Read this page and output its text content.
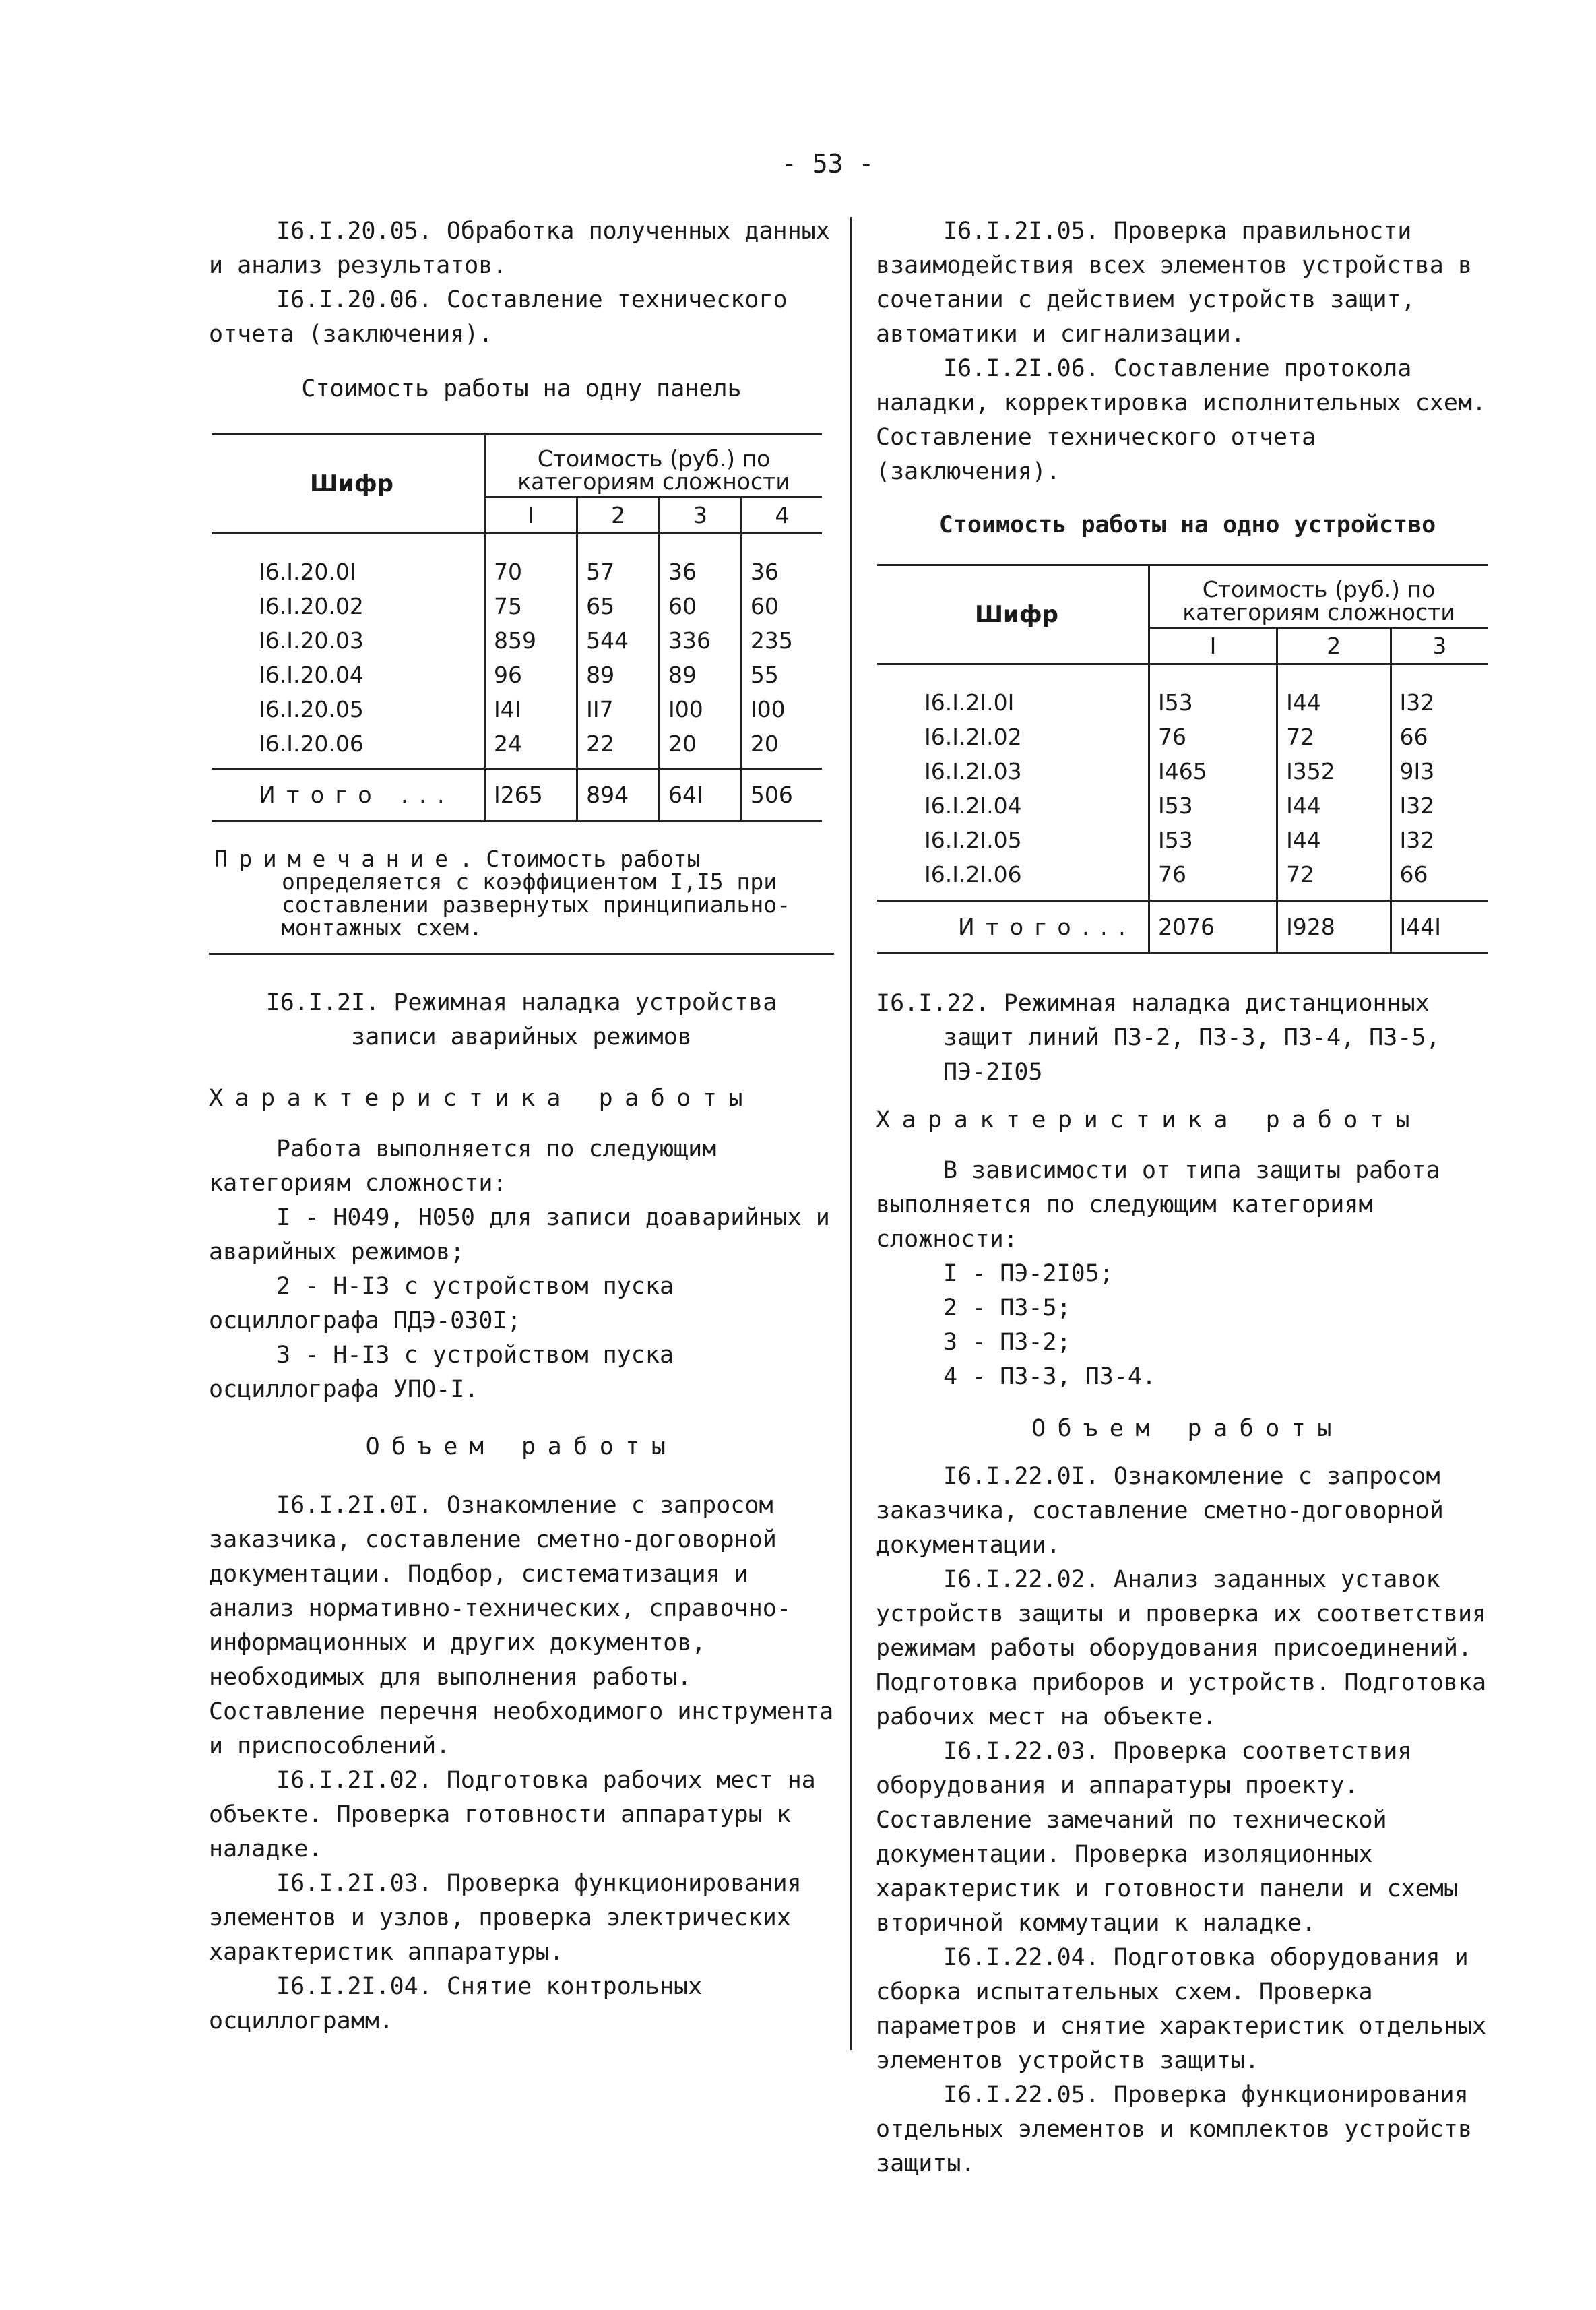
- 53 -

I6.I.20.05. Обработка полученных данных и анализ результатов.

I6.I.20.06. Составление технического отчета (заключения).

Стоимость работы на одну панель

Шифр	Стоимость (руб.) по категориям сложности			
	I	2	3	4

I6.I.20.0I	70	57	36	36
I6.I.20.02	75	65	60	60
I6.I.20.03	859	544	336	235
I6.I.20.04	96	89	89	55
I6.I.20.05	I4I	II7	I00	I00
I6.I.20.06	24	22	20	20
Итого ...	I265	894	64I	506

Примечание. Стоимость работы определяется с коэффициентом I,I5 при составлении развернутых принципиально-монтажных схем.

I6.I.2I. Режимная наладка устройства

записи аварийных режимов

Характеристика работы

Работа выполняется по следующим категориям сложности:

I - Н049, Н050 для записи доаварийных и аварийных режимов;

2 - Н-I3 с устройством пуска осциллографа ПДЭ-030I;

3 - Н-I3 с устройством пуска осциллографа УПО-I.

Объем работы

I6.I.2I.0I. Ознакомление с запросом заказчика, составление сметно-договорной документации. Подбор, систематизация и анализ нормативно-технических, справочно-информационных и других документов, необходимых для выполнения работы. Составление перечня необходимого инструмента и приспособлений.

I6.I.2I.02. Подготовка рабочих мест на объекте. Проверка готовности аппаратуры к наладке.

I6.I.2I.03. Проверка функционирования элементов и узлов, проверка электрических характеристик аппаратуры.

I6.I.2I.04. Снятие контрольных осциллограмм.

I6.I.2I.05. Проверка правильности взаимодействия всех элементов устройства в сочетании с действием устройств защит, автоматики и сигнализации.

I6.I.2I.06. Составление протокола наладки, корректировка исполнительных схем. Составление технического отчета (заключения).

Стоимость работы на одно устройство

Шифр	Стоимость (руб.) по категориям сложности		
	I	2	3

I6.I.2I.0I	I53	I44	I32
I6.I.2I.02	76	72	66
I6.I.2I.03	I465	I352	9I3
I6.I.2I.04	I53	I44	I32
I6.I.2I.05	I53	I44	I32
I6.I.2I.06	76	72	66
Итого...	2076	I928	I44I

I6.I.22. Режимная наладка дистанционных защит линий ПЗ-2, ПЗ-3, ПЗ-4, ПЗ-5, ПЭ-2I05

Характеристика работы

В зависимости от типа защиты работа выполняется по следующим категориям сложности:

I - ПЭ-2I05;

2 - ПЗ-5;

3 - ПЗ-2;

4 - ПЗ-3, ПЗ-4.

Объем работы

I6.I.22.0I. Ознакомление с запросом заказчика, составление сметно-договорной документации.

I6.I.22.02. Анализ заданных уставок устройств защиты и проверка их соответствия режимам работы оборудования присоединений. Подготовка приборов и устройств. Подготовка рабочих мест на объекте.

I6.I.22.03. Проверка соответствия оборудования и аппаратуры проекту. Составление замечаний по технической документации. Проверка изоляционных характеристик и готовности панели и схемы вторичной коммутации к наладке.

I6.I.22.04. Подготовка оборудования и сборка испытательных схем. Проверка параметров и снятие характеристик отдельных элементов устройств защиты.

I6.I.22.05. Проверка функционирования отдельных элементов и комплектов устройств защиты.
